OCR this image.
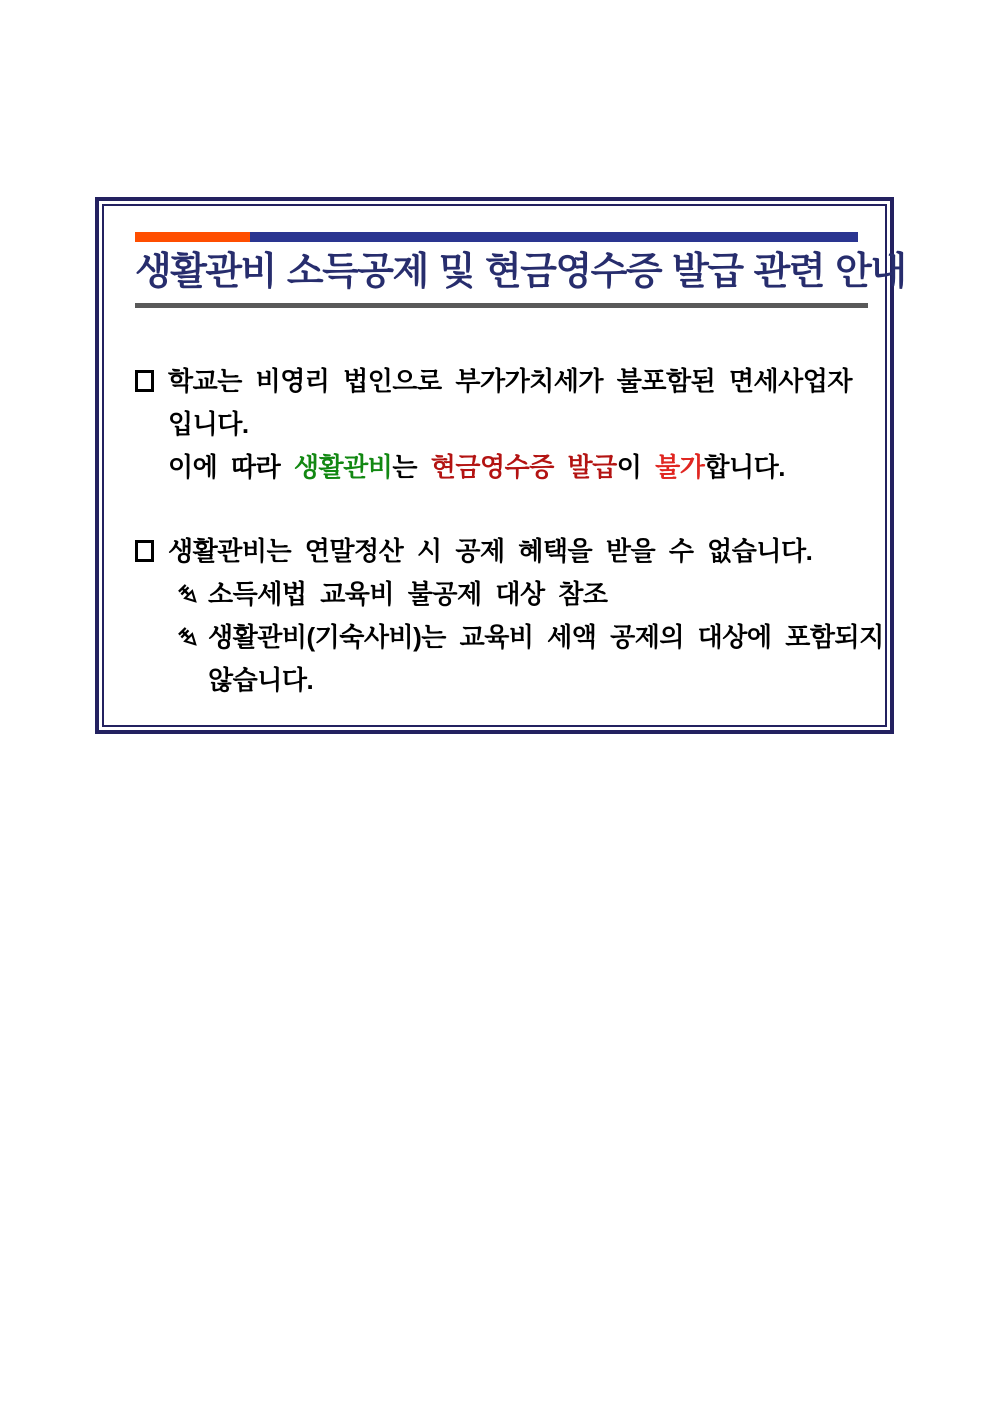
생활관비 소득공제 및 현금영수증 발급 관련 안내
학교는 비영리 법인으로 부가가치세가 불포함된 면세사업자
입니다.
이에 따라 생활관비는 현금영수증 발급이 불가합니다.
생활관비는 연말정산 시 공제 혜택을 받을 수 없습니다.
소득세법 교육비 불공제 대상 참조
생활관비(기숙사비)는 교육비 세액 공제의 대상에 포함되지
않습니다.
